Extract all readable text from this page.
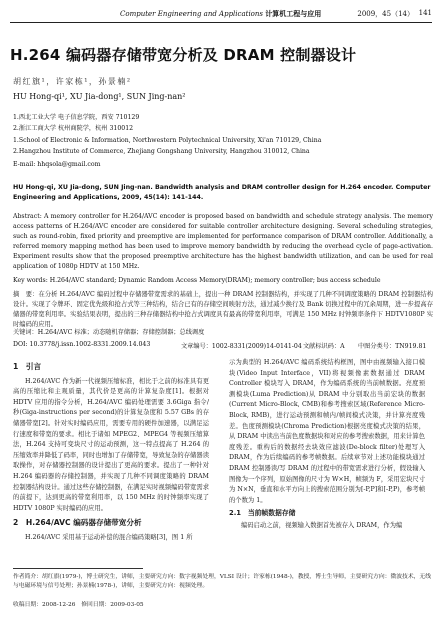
Computer Engineering and Applications 计算机工程与应用	2009，45（14） 141
H.264 编码器存储带宽分析及 DRAM 控制器设计
胡红旗¹，许家栋¹，孙景楠²
HU Hong-qi¹, XU Jia-dong¹, SUN Jing-nan²
1.西北工业大学 电子信息学院，西安 710129
2.浙江工商大学 杭州商院学，杭州 310012
1.School of Electronic & Information, Northwestern Polytechnical University, Xi'an 710129, China
2.Hangzhou Institute of Commerce, Zhejiang Gongshang University, Hangzhou 310012, China
E-mail: hhqsola@gmail.com
HU Hong-qi, XU Jia-dong, SUN Jing-nan. Bandwidth analysis and DRAM controller design for H.264 encoder. Computer Engineering and Applications, 2009, 45(14): 141-144.
Abstract: A memory controller for H.264/AVC encoder is proposed based on bandwidth and schedule strategy analysis. The memory access patterns of H.264/AVC encoder are considered for suitable controller architecture designing. Several scheduling strategies, such as round-robin, fixed priority and preemptive are implemented for performance comparison of DRAM controller. Additionally, a referred memory mapping method has been used to improve memory bandwidth by reducing the overhead cycle of page-activation. Experiment results show that the proposed preemptive architecture has the highest bandwidth utilization, and can be used for real application of 1080p HDTV at 150 MHz.
Key words: H.264/AVC standard; Dynamic Random Access Memory(DRAM); memory controller; bus access schedule
摘　要：在分析 H.264/AVC 编码过程中存储器带宽需求的基础上，提出一种 DRAM 控制器结构，并实现了几种不同调度策略的 DRAM 控制器结构设计。实现了令牌环、固定优先级和抢占式等三种结构，结合已有的存储空间映射方法，通过减少换行及 Bank 切换过程中的冗余周期，进一步提高存储器的带宽利用率。实验结果表明，提出的三种存储器结构中抢占式调度具有最高的带宽利用率，可满足 150 MHz 时钟频率条件下 HDTV1080P 实时编码的应用。
关键词：H.264/AVC 标准；动态随机存储器；存储控制器；总线调度
DOI: 10.3778/j.issn.1002-8331.2009.14.043	文章编号：1002-8331(2009)14-0141-04 文献标识码：A 中图分类号：TN919.81
1　引言

H.264/AVC 作为新一代视频压缩标准，相比于之前的标准具有更高的压缩比和主观质量，其代价是更高的计算复杂度[1]。根据对 HDTV 应用的指令分析，H.264/AVC 编码处理需要 3.6Giga 指令/秒(Giga-instructions per second)的计算复杂度和 5.57 GBs 的存储器带宽[2]。针对实时编码应用，需要专用的硬件加速器，以满足运行速度和带宽的要求。相比于诸如 MPEG2、MPEG4 等视频压缩算法，H.264 支持可变块尺寸的运动预测，这一特点提高了 H.264 的压缩效率并降低了码率，同时也增加了存储带宽，导致复杂的存储器读取操作，对存储器控制器的设计提出了更高的要求。提出了一种针对 H.264 编码器的存储控制器，并实现了几种不同调度策略的 DRAM 控制器结构设计。通过这些存储控制器，在满足实时视频编码带宽需求的前提下，达到更高的带宽利用率，以 150 MHz 的时钟频率实现了 HDTV 1080P 实时编码的应用。

2　H.264/AVC 编码器存储带宽分析

H.264/AVC 采用基于运动补偿的混合编码策略[3]，图 1 所

示为典型的 H.264/AVC 编码系统结构框图，图中由视频输入接口模块(Video Input Interface，VII)将视频像素数据通过 DRAM Controller 模块写入 DRAM，作为编码系统的当前帧数据。亮度预测模块(Luma Prediction)从 DRAM 中分别取出当前宏块的数据(Current Micro-Block, CMB)和参考搜索区域(Reference Micro-Block, RMB)，进行运动预测和帧内/帧间模式决策，并计算亮度残差。色度预测模块(Chroma Prediction)根据亮度模式决策的结果，从 DRAM 中读出当前色度数据块和对应的参考搜索数据，用来计算色度残差。重构后的数据经去块效应滤波(De-block filter)处理写入 DRAM，作为后续编码的参考帧数据。后续章节对上述功能模块通过 DRAM 控制器读/写 DRAM 的过程中的带宽需求进行分析，假设输入图像为一个序列，原始图像的尺寸为 W×H，帧频为 F，采用宏块尺寸为 N×N，垂直和水平方向上的搜索范围分别为[-P,P]和[-P,P)，参考帧的个数为 1。

2.1　当前帧数据存储

编码启动之前，视频输入数据首先被存入 DRAM，作为编

作者简介：胡红旗(1979-)，博士研究生，讲师，主要研究方向：数字视频处理，VLSI 设计；许家栋(1948-)，教授，博士生导师，主要研究方向：微波技术，无线与电磁环境与信号处理；孙景楠(1978-)，讲师，主要研究方向：视频处理。
收稿日期：2008-12-26　修回日期：2009-03-05
